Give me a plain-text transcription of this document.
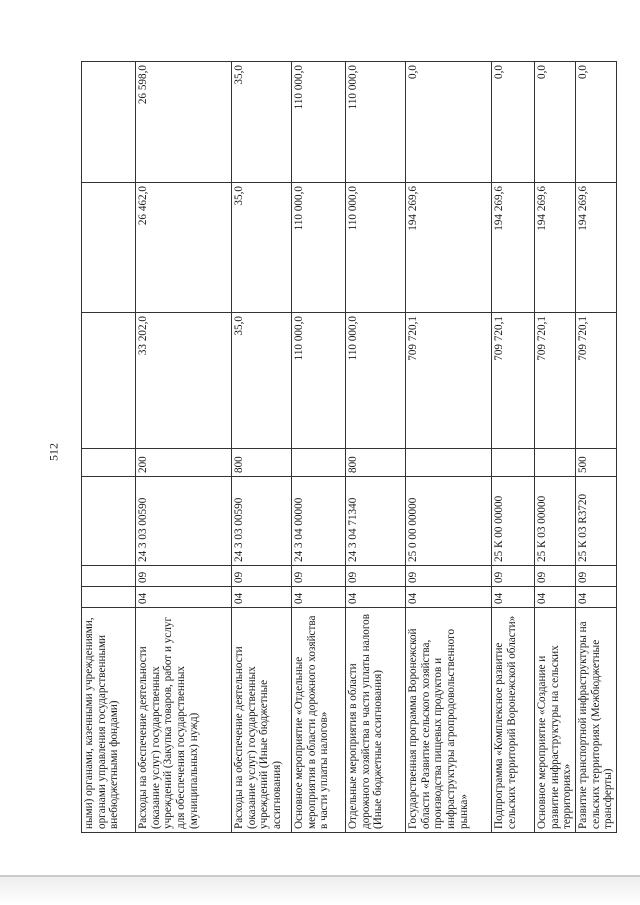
512
ными) органами, казенными учреждениями, органами управления государственными внебюджетными фондами)							
Расходы на обеспечение деятельности (оказание услуг) государственных учреждений (Закупка товаров, работ и услуг для обеспечения государственных (муниципальных) нужд)	04	09	24 3 03 00590	200	33 202,0	26 462,0	26 598,0
Расходы на обеспечение деятельности (оказание услуг) государственных учреждений (Иные бюджетные ассигнования)	04	09	24 3 03 00590	800	35,0	35,0	35,0
Основное мероприятие «Отдельные мероприятия в области дорожного хозяйства в части уплаты налогов»	04	09	24 3 04 00000		110 000,0	110 000,0	110 000,0
Отдельные мероприятия в области дорожного хозяйства в части уплаты налогов (Иные бюджетные ассигнования)	04	09	24 3 04 71340	800	110 000,0	110 000,0	110 000,0
Государственная программа Воронежской области «Развитие сельского хозяйства, производства пищевых продуктов и инфраструктуры агропродовольственного рынка»	04	09	25 0 00 00000		709 720,1	194 269,6	0,0
Подпрограмма «Комплексное развитие сельских территорий Воронежской области»	04	09	25 К 00 00000		709 720,1	194 269,6	0,0
Основное мероприятие «Создание и развитие инфраструктуры на сельских территориях»	04	09	25 К 03 00000		709 720,1	194 269,6	0,0
Развитие транспортной инфраструктуры на сельских территориях (Межбюджетные трансферты)	04	09	25 К 03 R3720	500	709 720,1	194 269,6	0,0
